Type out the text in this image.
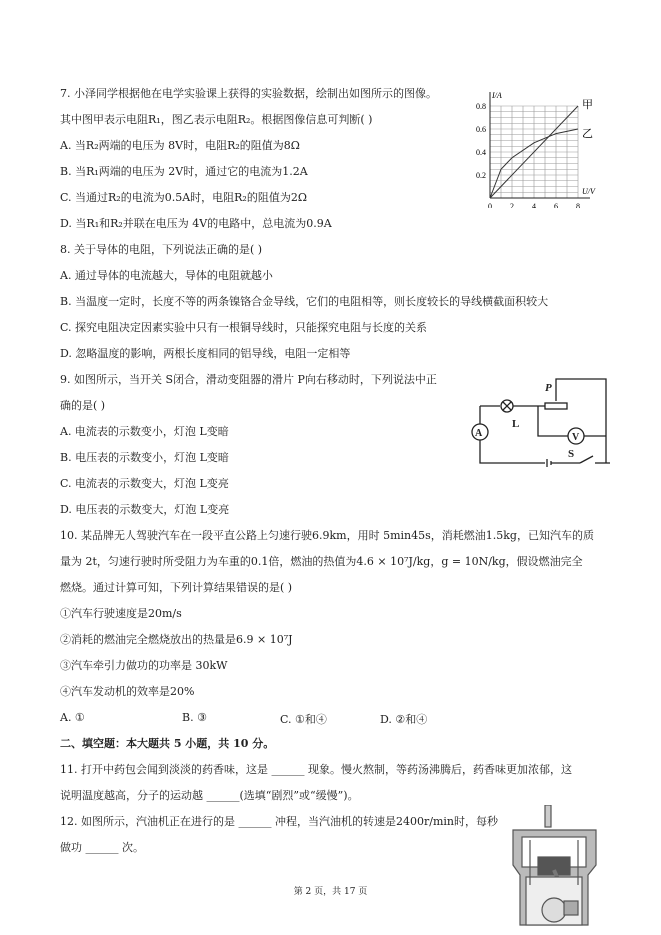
7. 小泽同学根据他在电学实验课上获得的实验数据，绘制出如图所示的图像。
其中图甲表示电阻R₁，图乙表示电阻R₂。根据图像信息可判断( )
A. 当R₂两端的电压为 8V时，电阻R₂的阻值为8Ω
B. 当R₁两端的电压为 2V时，通过它的电流为1.2A
C. 当通过R₂的电流为0.5A时，电阻R₂的阻值为2Ω
D. 当R₁和R₂并联在电压为 4V的电路中，总电流为0.9A
I/A
U/V
0 2 4 6 8
0.2
0.4
0.6
0.8	甲
乙
8. 关于导体的电阻，下列说法正确的是( )
A. 通过导体的电流越大，导体的电阻就越小
B. 当温度一定时，长度不等的两条镍铬合金导线，它们的电阻相等，则长度较长的导线横截面积较大
C. 探究电阻决定因素实验中只有一根铜导线时，只能探究电阻与长度的关系
D. 忽略温度的影响，两根长度相同的铝导线，电阻一定相等
9. 如图所示，当开关 S闭合，滑动变阻器的滑片 P向右移动时，下列说法中正
确的是( )
A. 电流表的示数变小，灯泡 L变暗
B. 电压表的示数变小，灯泡 L变暗
C. 电流表的示数变大，灯泡 L变亮
D. 电压表的示数变大，灯泡 L变亮
A	V
P
L
S
10. 某品牌无人驾驶汽车在一段平直公路上匀速行驶6.9km，用时 5min45s，消耗燃油1.5kg，已知汽车的质
量为 2t，匀速行驶时所受阻力为车重的0.1倍，燃油的热值为4.6 × 10⁷J/kg，g = 10N/kg，假设燃油完全
燃烧。通过计算可知，下列计算结果错误的是( )
①汽车行驶速度是20m/s
②消耗的燃油完全燃烧放出的热量是6.9 × 10⁷J
③汽车牵引力做功的功率是 30kW
④汽车发动机的效率是20%
A. ①	B. ③	C. ①和④	D. ②和④
二、填空题：本大题共 5 小题，共 10 分。
11. 打开中药包会闻到淡淡的药香味，这是 ______ 现象。慢火熬制，等药汤沸腾后，药香味更加浓郁，这
说明温度越高，分子的运动越 ______(选填“剧烈”或“缓慢”)。
12. 如图所示，汽油机正在进行的是 ______ 冲程，当汽油机的转速是2400r/min时，每秒
做功 ______ 次。
第 2 页，共 17 页
